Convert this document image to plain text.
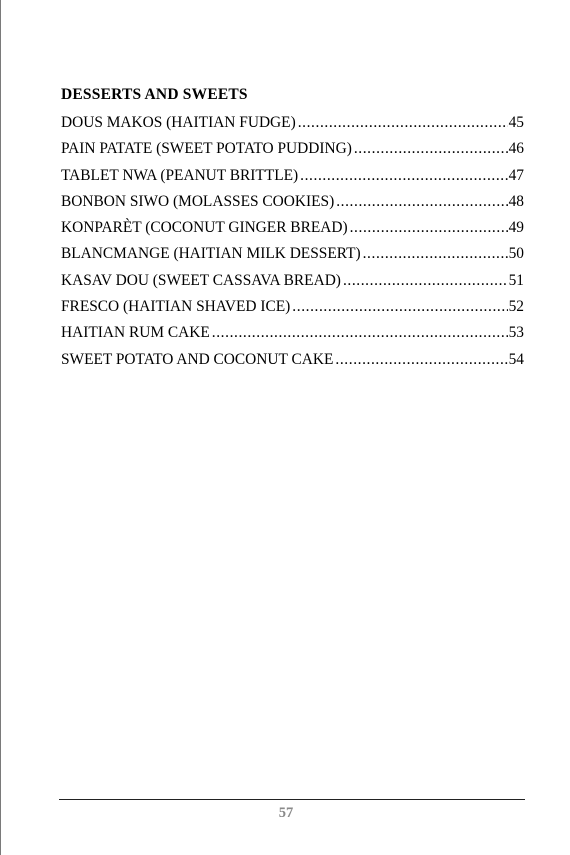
DESSERTS AND SWEETS
DOUS MAKOS (HAITIAN FUDGE) .....	45
PAIN PATATE (SWEET POTATO PUDDING) .....	46
TABLET NWA (PEANUT BRITTLE) .....	47
BONBON SIWO (MOLASSES COOKIES) .....	48
KONPARÈT (COCONUT GINGER BREAD) .....	49
BLANCMANGE (HAITIAN MILK DESSERT) .....	50
KASAV DOU (SWEET CASSAVA BREAD) .....	51
FRESCO (HAITIAN SHAVED ICE) .....	52
HAITIAN RUM CAKE .....	53
SWEET POTATO AND COCONUT CAKE .....	54
57
